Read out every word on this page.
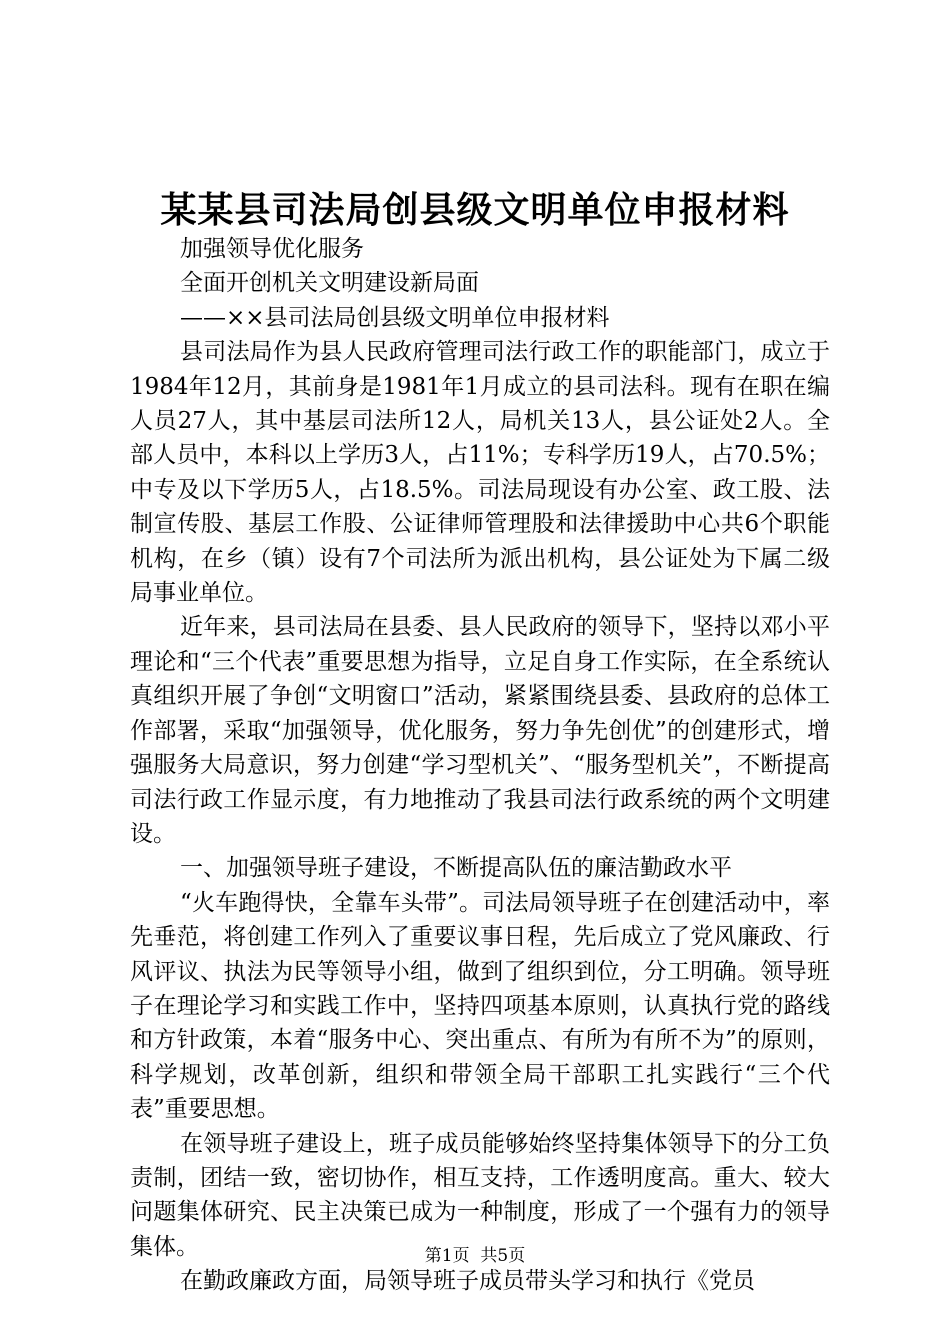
某某县司法局创县级文明单位申报材料

加强领导优化服务

全面开创机关文明建设新局面

——××县司法局创县级文明单位申报材料

县司法局作为县人民政府管理司法行政工作的职能部门，成立于1984年12月，其前身是1981年1月成立的县司法科。现有在职在编人员27人，其中基层司法所12人，局机关13人，县公证处2人。全部人员中，本科以上学历3人，占11%；专科学历19人，占70.5%；中专及以下学历5人，占18.5%。司法局现设有办公室、政工股、法制宣传股、基层工作股、公证律师管理股和法律援助中心共6个职能机构，在乡（镇）设有7个司法所为派出机构，县公证处为下属二级局事业单位。

近年来，县司法局在县委、县人民政府的领导下，坚持以邓小平理论和“三个代表”重要思想为指导，立足自身工作实际，在全系统认真组织开展了争创“文明窗口”活动，紧紧围绕县委、县政府的总体工作部署，采取“加强领导，优化服务，努力争先创优”的创建形式，增强服务大局意识，努力创建“学习型机关”、“服务型机关”，不断提高司法行政工作显示度，有力地推动了我县司法行政系统的两个文明建设。

一、加强领导班子建设，不断提高队伍的廉洁勤政水平

“火车跑得快，全靠车头带”。司法局领导班子在创建活动中，率先垂范，将创建工作列入了重要议事日程，先后成立了党风廉政、行风评议、执法为民等领导小组，做到了组织到位，分工明确。领导班子在理论学习和实践工作中，坚持四项基本原则，认真执行党的路线和方针政策，本着“服务中心、突出重点、有所为有所不为”的原则，科学规划，改革创新，组织和带领全局干部职工扎实践行“三个代表”重要思想。

在领导班子建设上，班子成员能够始终坚持集体领导下的分工负责制，团结一致，密切协作，相互支持，工作透明度高。重大、较大问题集体研究、民主决策已成为一种制度，形成了一个强有力的领导集体。

在勤政廉政方面，局领导班子成员带头学习和执行《党员

第1页  共5页
